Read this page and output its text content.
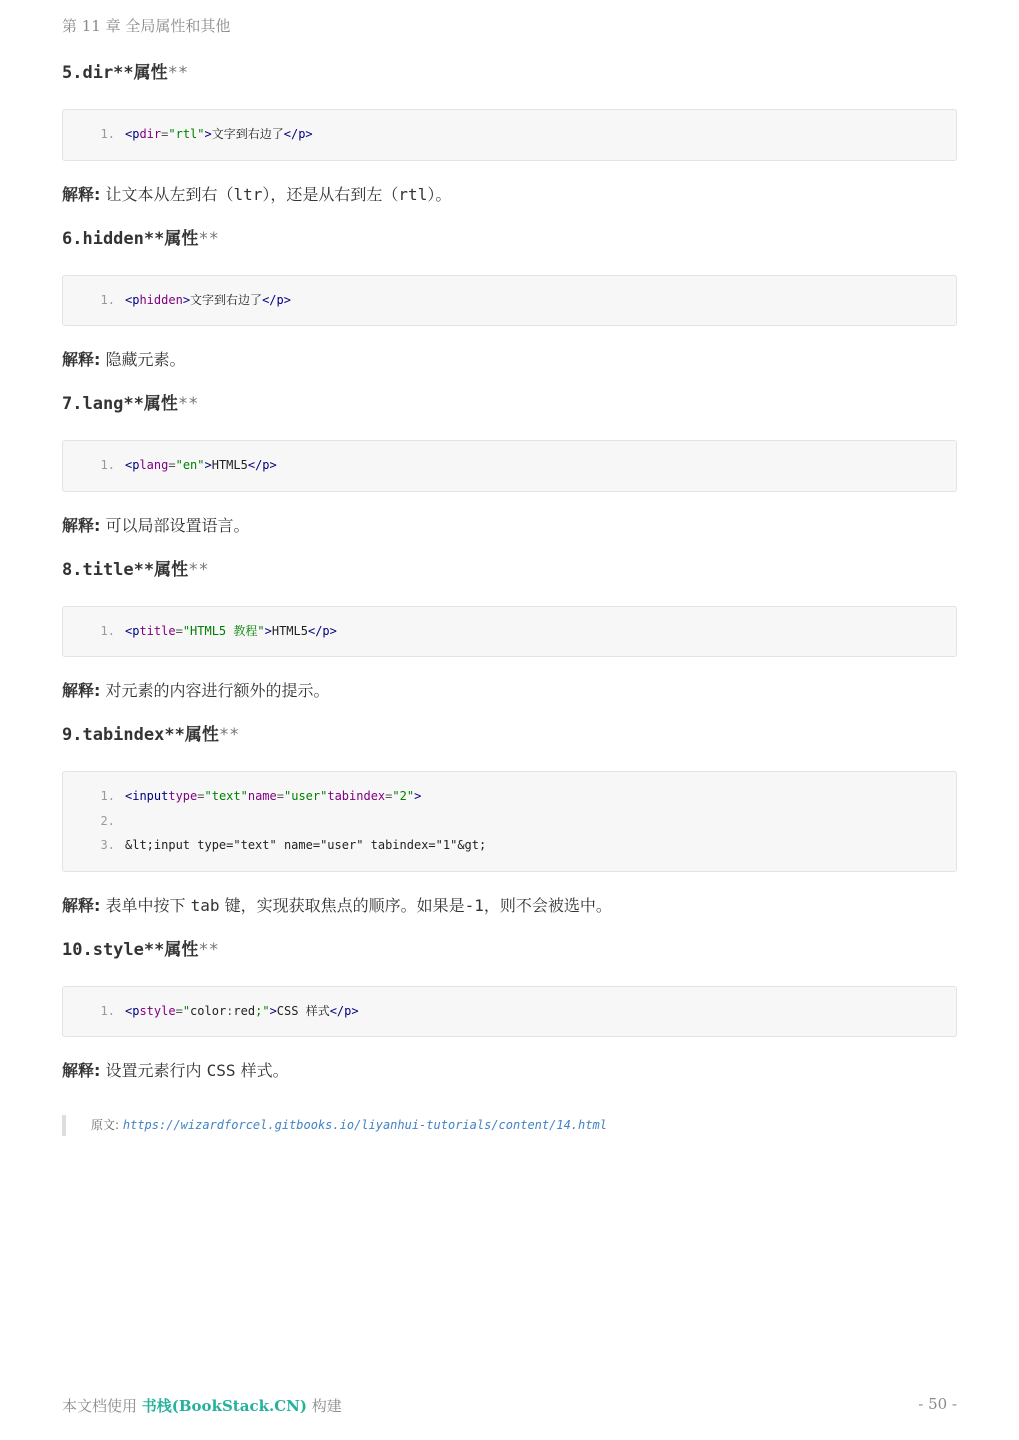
第 11 章 全局属性和其他
5.dir**属性**
1. <p dir = "rtl" > 文字到右边了 </p>

解释: 让文本从左到右（ltr），还是从右到左（rtl）。

6.hidden**属性**
1. <p hidden > 文字到右边了 </p>

解释: 隐藏元素。

7.lang**属性**
1. <p lang = "en" > HTML5 </p>

解释: 可以局部设置语言。

8.title**属性**
1. <p title = "HTML5 教程" > HTML5 </p>

解释: 对元素的内容进行额外的提示。

9.tabindex**属性**
1. <input type = "text" name = "user" tabindex = "2" >
2.
3. &lt;input type="text" name="user" tabindex="1"&gt;

解释: 表单中按下 tab 键，实现获取焦点的顺序。如果是-1，则不会被选中。

10.style**属性**
1. <p style = " color : red ; " > CSS 样式 </p>

解释: 设置元素行内 CSS 样式。

原文: https://wizardforcel.gitbooks.io/liyanhui-tutorials/content/14.html
本文档使用 书栈(BookStack.CN) 构建	- 50 -
